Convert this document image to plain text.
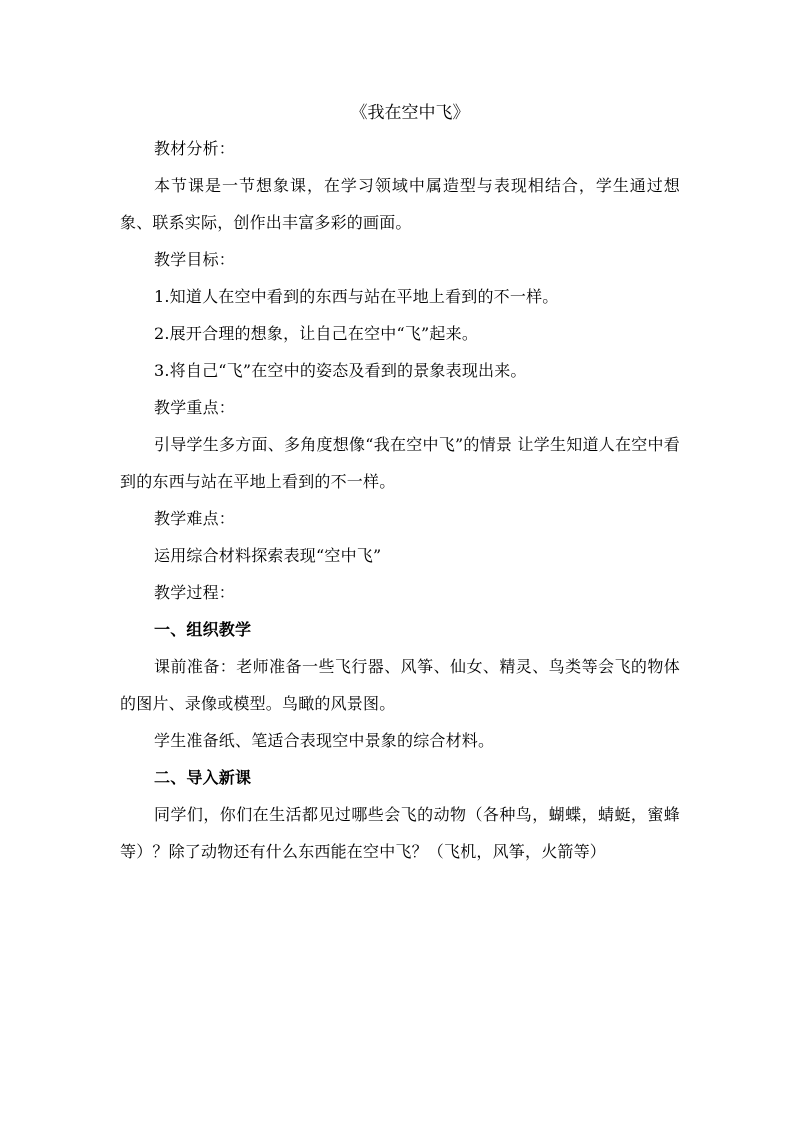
《我在空中飞》

教材分析：

本节课是一节想象课，在学习领域中属造型与表现相结合，学生通过想象、联系实际，创作出丰富多彩的画面。

教学目标：

1.知道人在空中看到的东西与站在平地上看到的不一样。

2.展开合理的想象，让自己在空中“飞”起来。

3.将自己“飞”在空中的姿态及看到的景象表现出来。

教学重点：

引导学生多方面、多角度想像“我在空中飞”的情景 让学生知道人在空中看到的东西与站在平地上看到的不一样。

教学难点：

运用综合材料探索表现“空中飞”

教学过程：

一、组织教学

课前准备：老师准备一些飞行器、风筝、仙女、精灵、鸟类等会飞的物体的图片、录像或模型。鸟瞰的风景图。

学生准备纸、笔适合表现空中景象的综合材料。

二、导入新课

同学们，你们在生活都见过哪些会飞的动物（各种鸟，蝴蝶，蜻蜓，蜜蜂等）？除了动物还有什么东西能在空中飞？（飞机，风筝，火箭等）
